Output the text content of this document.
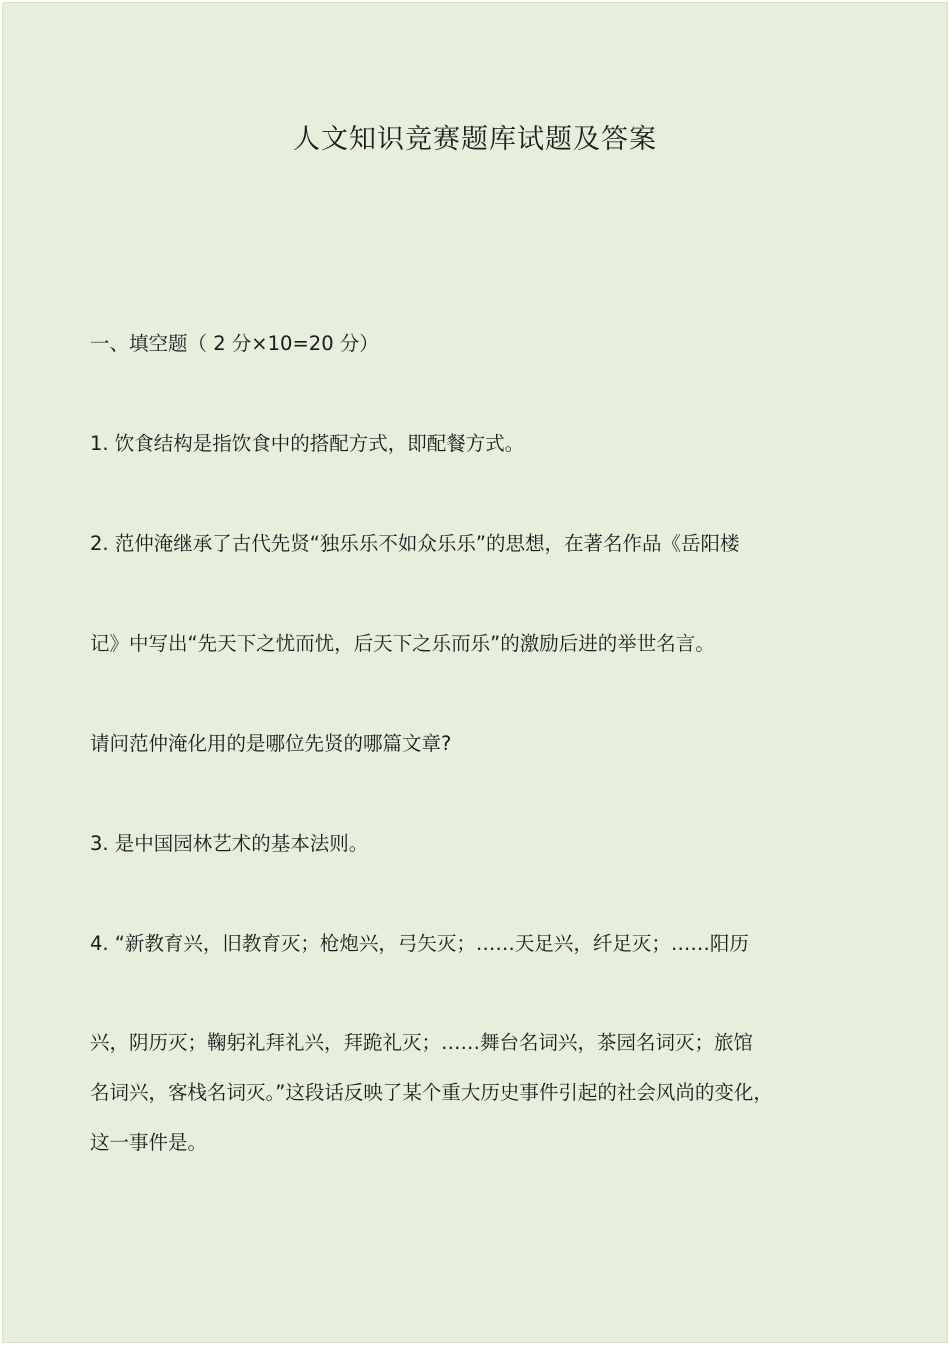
人文知识竞赛题库试题及答案
一、填空题（ 2 分×10=20 分）
1. 饮食结构是指饮食中的搭配方式，即配餐方式。
2. 范仲淹继承了古代先贤“独乐乐不如众乐乐”的思想，在著名作品《岳阳楼
记》中写出“先天下之忧而忧，后天下之乐而乐”的激励后进的举世名言。
请问范仲淹化用的是哪位先贤的哪篇文章?
3. 是中国园林艺术的基本法则。
4. “新教育兴，旧教育灭；枪炮兴，弓矢灭；……天足兴，纤足灭；……阳历
兴，阴历灭；鞠躬礼拜礼兴，拜跪礼灭；……舞台名词兴，茶园名词灭；旅馆
名词兴，客栈名词灭。”这段话反映了某个重大历史事件引起的社会风尚的变化，
这一事件是。
